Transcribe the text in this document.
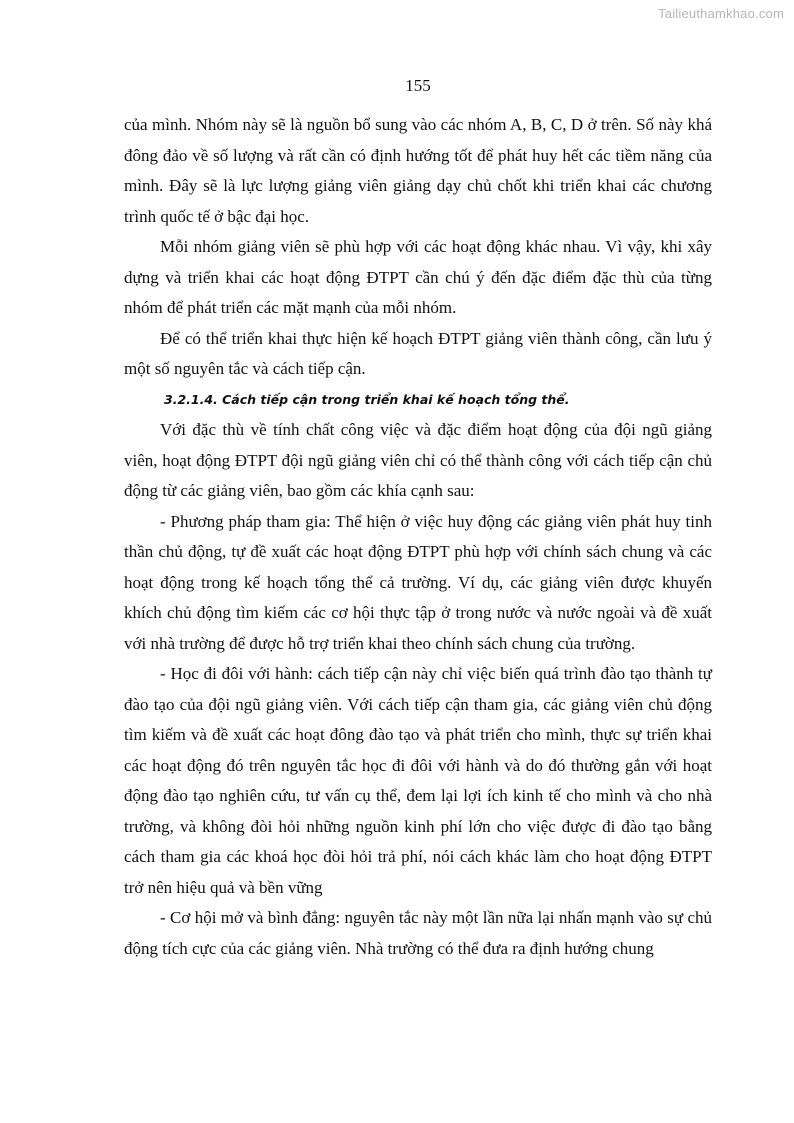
Tailieuthamkhao.com
155

của mình. Nhóm này sẽ là nguồn bổ sung vào các nhóm A, B, C, D ở trên. Số này khá đông đảo về số lượng và rất cần có định hướng tốt để phát huy hết các tiềm năng của mình. Đây sẽ là lực lượng giảng viên giảng dạy chủ chốt khi triển khai các chương trình quốc tế ở bậc đại học.

Mỗi nhóm giảng viên sẽ phù hợp với các hoạt động khác nhau. Vì vậy, khi xây dựng và triển khai các hoạt động ĐTPT cần chú ý đến đặc điểm đặc thù của từng nhóm để phát triển các mặt mạnh của mỗi nhóm.

Để có thể triển khai thực hiện kế hoạch ĐTPT giảng viên thành công, cần lưu ý một số nguyên tắc và cách tiếp cận.

3.2.1.4. Cách tiếp cận trong triển khai kế hoạch tổng thể.

Với đặc thù về tính chất công việc và đặc điểm hoạt động của đội ngũ giảng viên, hoạt động ĐTPT đội ngũ giảng viên chỉ có thể thành công với cách tiếp cận chủ động từ các giảng viên, bao gồm các khía cạnh sau:

- Phương pháp tham gia: Thể hiện ở việc huy động các giảng viên phát huy tinh thần chủ động, tự đề xuất các hoạt động ĐTPT phù hợp với chính sách chung và các hoạt động trong kế hoạch tổng thể cả trường. Ví dụ, các giảng viên được khuyến khích chủ động tìm kiếm các cơ hội thực tập ở trong nước và nước ngoài và đề xuất với nhà trường để được hỗ trợ triển khai theo chính sách chung của trường.

- Học đi đôi với hành: cách tiếp cận này chỉ việc biến quá trình đào tạo thành tự đào tạo của đội ngũ giảng viên. Với cách tiếp cận tham gia, các giảng viên chủ động tìm kiếm và đề xuất các hoạt đông đào tạo và phát triển cho mình, thực sự triển khai các hoạt động đó trên nguyên tắc học đi đôi với hành và do đó thường gắn với hoạt động đào tạo nghiên cứu, tư vấn cụ thể, đem lại lợi ích kinh tế cho mình và cho nhà trường, và không đòi hỏi những nguồn kinh phí lớn cho việc được đi đào tạo bằng cách tham gia các khoá học đòi hỏi trả phí, nói cách khác làm cho hoạt động ĐTPT trở nên hiệu quả và bền vững

- Cơ hội mở và bình đẳng: nguyên tắc này một lần nữa lại nhấn mạnh vào sự chủ động tích cực của các giảng viên. Nhà trường có thể đưa ra định hướng chung
